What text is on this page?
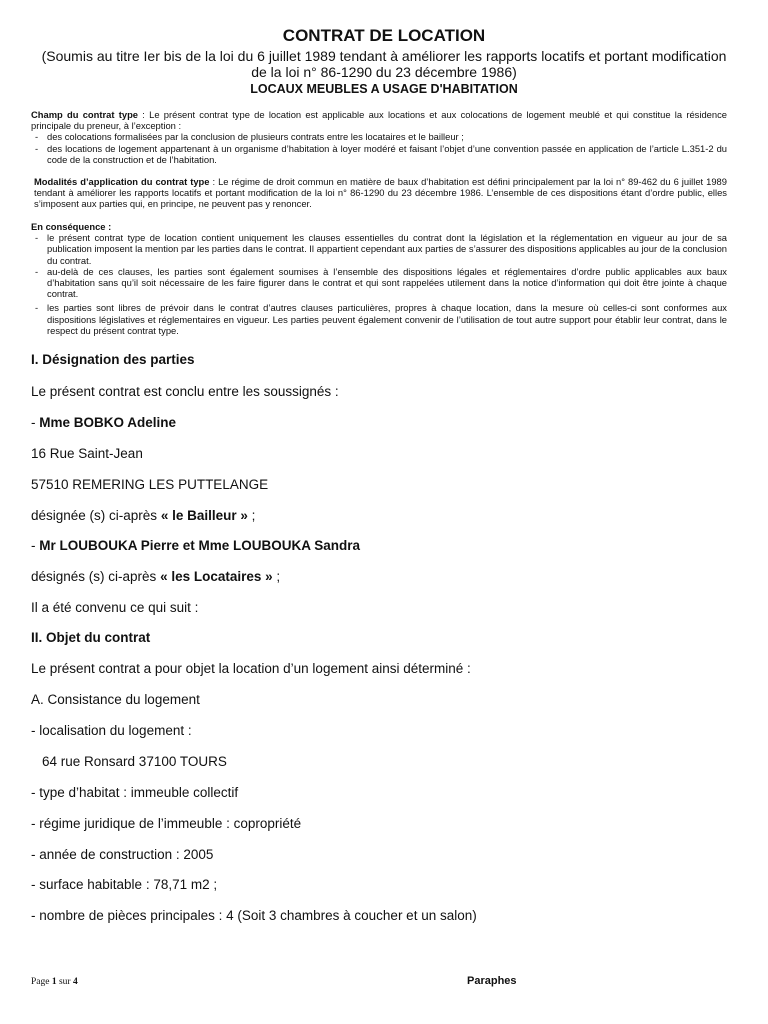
CONTRAT DE LOCATION
(Soumis au titre Ier bis de la loi du 6 juillet 1989 tendant à améliorer les rapports locatifs et portant modification
de la loi n° 86-1290 du 23 décembre 1986)
LOCAUX MEUBLES A USAGE D'HABITATION
Champ du contrat type : Le présent contrat type de location est applicable aux locations et aux colocations de logement meublé et qui constitue la résidence principale du preneur, à l’exception :
- des colocations formalisées par la conclusion de plusieurs contrats entre les locataires et le bailleur ;
- des locations de logement appartenant à un organisme d’habitation à loyer modéré et faisant l’objet d’une convention passée en application de l’article L.351-2 du code de la construction et de l’habitation.
Modalités d’application du contrat type : Le régime de droit commun en matière de baux d’habitation est défini principalement par la loi n° 89-462 du 6 juillet 1989 tendant à améliorer les rapports locatifs et portant modification de la loi n° 86-1290 du 23 décembre 1986. L’ensemble de ces dispositions étant d’ordre public, elles s’imposent aux parties qui, en principe, ne peuvent pas y renoncer.
En conséquence :
- le présent contrat type de location contient uniquement les clauses essentielles du contrat dont la législation et la réglementation en vigueur au jour de sa publication imposent la mention par les parties dans le contrat. Il appartient cependant aux parties de s’assurer des dispositions applicables au jour de la conclusion du contrat.
- au-delà de ces clauses, les parties sont également soumises à l’ensemble des dispositions légales et réglementaires d’ordre public applicables aux baux d’habitation sans qu’il soit nécessaire de les faire figurer dans le contrat et qui sont rappelées utilement dans la notice d’information qui doit être jointe à chaque contrat.
- les parties sont libres de prévoir dans le contrat d’autres clauses particulières, propres à chaque location, dans la mesure où celles-ci sont conformes aux dispositions législatives et réglementaires en vigueur. Les parties peuvent également convenir de l’utilisation de tout autre support pour établir leur contrat, dans le respect du présent contrat type.
I. Désignation des parties
Le présent contrat est conclu entre les soussignés :
- Mme BOBKO Adeline
16 Rue Saint-Jean
57510 REMERING LES PUTTELANGE
désignée (s) ci-après « le Bailleur » ;
- Mr LOUBOUKA Pierre et Mme LOUBOUKA Sandra
désignés (s) ci-après « les Locataires » ;
Il a été convenu ce qui suit :
II. Objet du contrat
Le présent contrat a pour objet la location d’un logement ainsi déterminé :
A. Consistance du logement
- localisation du logement :
64 rue Ronsard 37100 TOURS
- type d’habitat : immeuble collectif
- régime juridique de l’immeuble : copropriété
- année de construction : 2005
- surface habitable : 78,71 m2 ;
- nombre de pièces principales : 4 (Soit 3 chambres à coucher et un salon)
Page 1 sur 4	Paraphes
